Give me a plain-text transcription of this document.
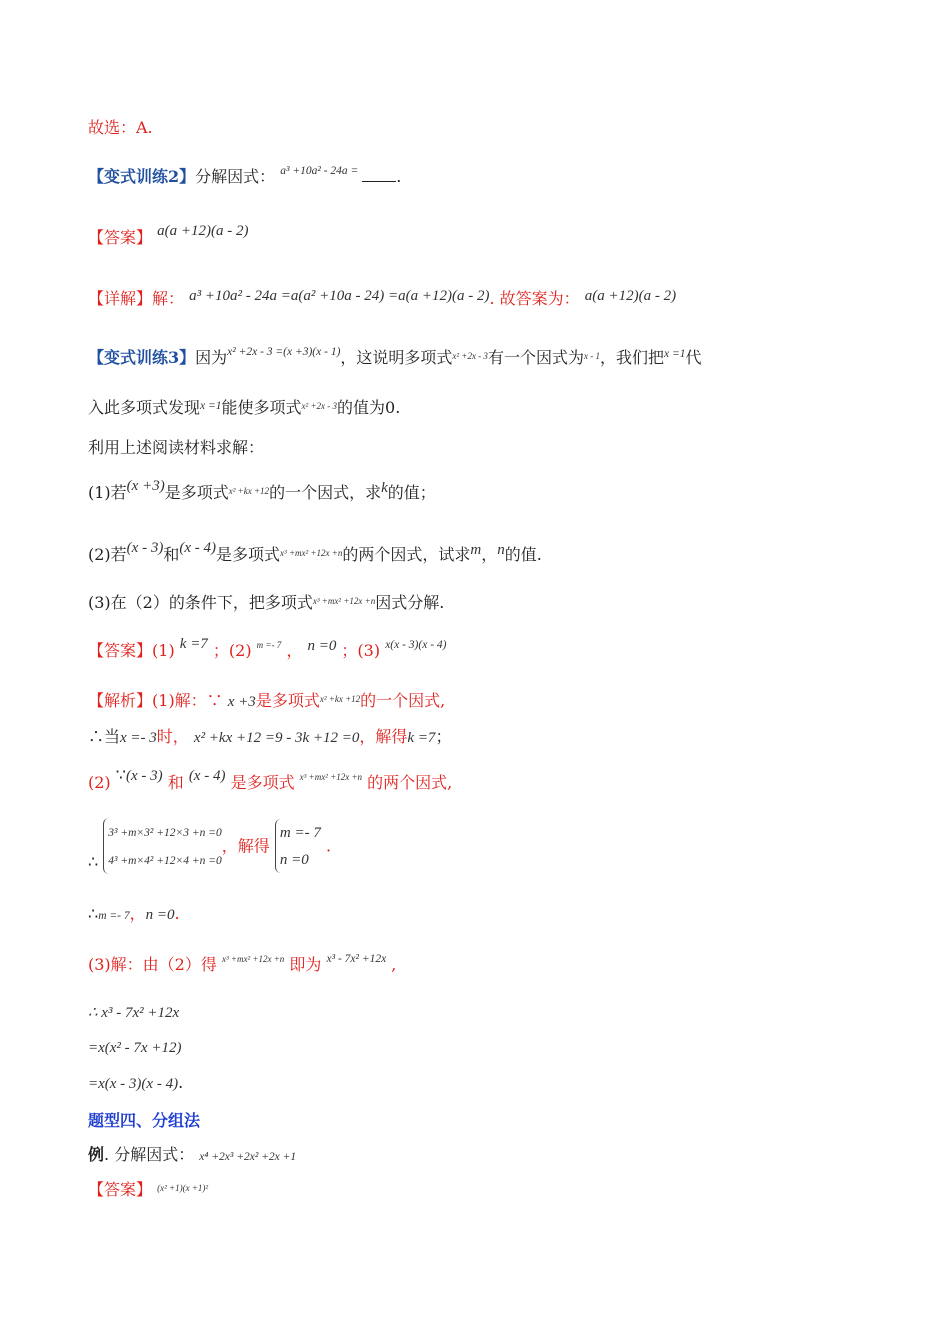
故选：A.
【变式训练2】分解因式： $^{a^3 +10a^2 - 24a =}$ .
【答案】 a(a +12)(a - 2)
【详解】解： a³ +10a² - 24a =a(a² +10a - 24) =a(a +12)(a - 2). 故答案为： a(a +12)(a - 2)
【变式训练3】因为$^{x^2 +2x - 3 =(x +3)(x - 1)}$，这说明多项式$^{x^2 +2x - 3}$有一个因式为$^{x - 1}$，我们把$^{x =1}$代
入此多项式发现$^{x =1}$能使多项式$^{x^2 +2x - 3}$的值为0.
利用上述阅读材料求解：
(1)若(x +3)是多项式$^{x^2 +kx +12}$的一个因式，求k的值；
(2)若(x - 3)和(x - 4)是多项式$^{x^3 +mx^2 +12x +n}$的两个因式，试求m，n的值.
(3)在（2）的条件下，把多项式$^{x^3 +mx^2 +12x +n}$因式分解.
【答案】(1) k =7 ；(2) $^{m =- 7}$ ， n =0 ；(3) $^{x(x - 3)(x - 4)}$
【解析】(1)解：∵ x +3是多项式$^{x^2 +kx +12}$的一个因式,
∴当x =- 3时， x² +kx +12 =9 - 3k +12 =0，解得k =7；
(2) ∵(x - 3) 和 (x - 4) 是多项式 $^{x^3 +mx^2 +12x +n}$ 的两个因式,
∴ 3³ +m×3² +12×3 +n =0
4³ +m×4² +12×4 +n =0，解得 m =- 7
n =0 .
∴m =- 7，n =0.
(3)解：由（2）得 $^{x^3 +mx^2 +12x +n}$ 即为 $^{x^3 - 7x^2 +12x}$ ,
∴ x³ - 7x² +12x
=x(x² - 7x +12)
=x(x - 3)(x - 4).
题型四、分组法
例. 分解因式： x⁴ +2x³ +2x² +2x +1
【答案】 $^{(x^2 +1)(x +1)^2}$
